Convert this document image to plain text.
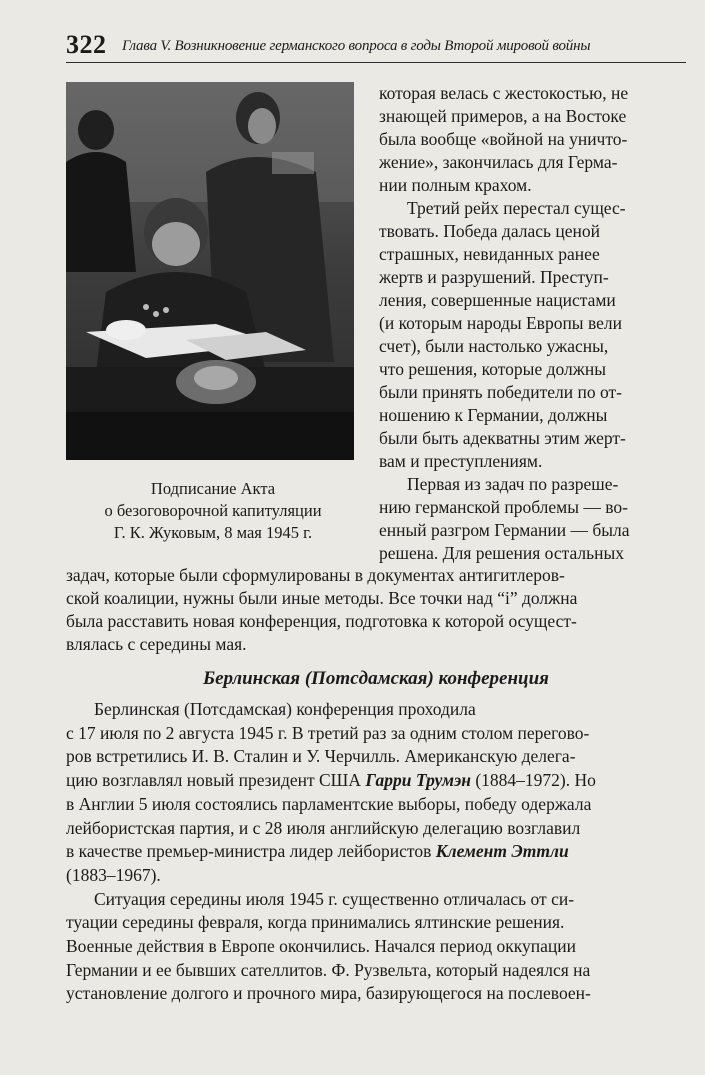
322 Глава V. Возникновение германского вопроса в годы Второй мировой войны
Подписание Акта
о безоговорочной капитуляции
Г. К. Жуковым, 8 мая 1945 г.
которая велась с жестокостью, не
знающей примеров, а на Востоке
была вообще «войной на уничто-
жение», закончилась для Герма-
нии полным крахом.
Третий рейх перестал сущес-
твовать. Победа далась ценой
страшных, невиданных ранее
жертв и разрушений. Преступ-
ления, совершенные нацистами
(и которым народы Европы вели
счет), были настолько ужасны,
что решения, которые должны
были принять победители по от-
ношению к Германии, должны
были быть адекватны этим жерт-
вам и преступлениям.
Первая из задач по разреше-
нию германской проблемы — во-
енный разгром Германии — была
решена. Для решения остальных
задач, которые были сформулированы в документах антигитлеров-
ской коалиции, нужны были иные методы. Все точки над “i” должна
была расставить новая конференция, подготовка к которой осущест-
влялась с середины мая.
Берлинская (Потсдамская) конференция
Берлинская (Потсдамская) конференция проходила
с 17 июля по 2 августа 1945 г. В третий раз за одним столом перегово-
ров встретились И. В. Сталин и У. Черчилль. Американскую делега-
цию возглавлял новый президент США Гарри Трумэн (1884–1972). Но
в Англии 5 июля состоялись парламентские выборы, победу одержала
лейбористская партия, и с 28 июля английскую делегацию возглавил
в качестве премьер-министра лидер лейбористов Клемент Эттли
(1883–1967).
Ситуация середины июля 1945 г. существенно отличалась от си-
туации середины февраля, когда принимались ялтинские решения.
Военные действия в Европе окончились. Начался период оккупации
Германии и ее бывших сателлитов. Ф. Рузвельта, который надеялся на
установление долгого и прочного мира, базирующегося на послевоен-
